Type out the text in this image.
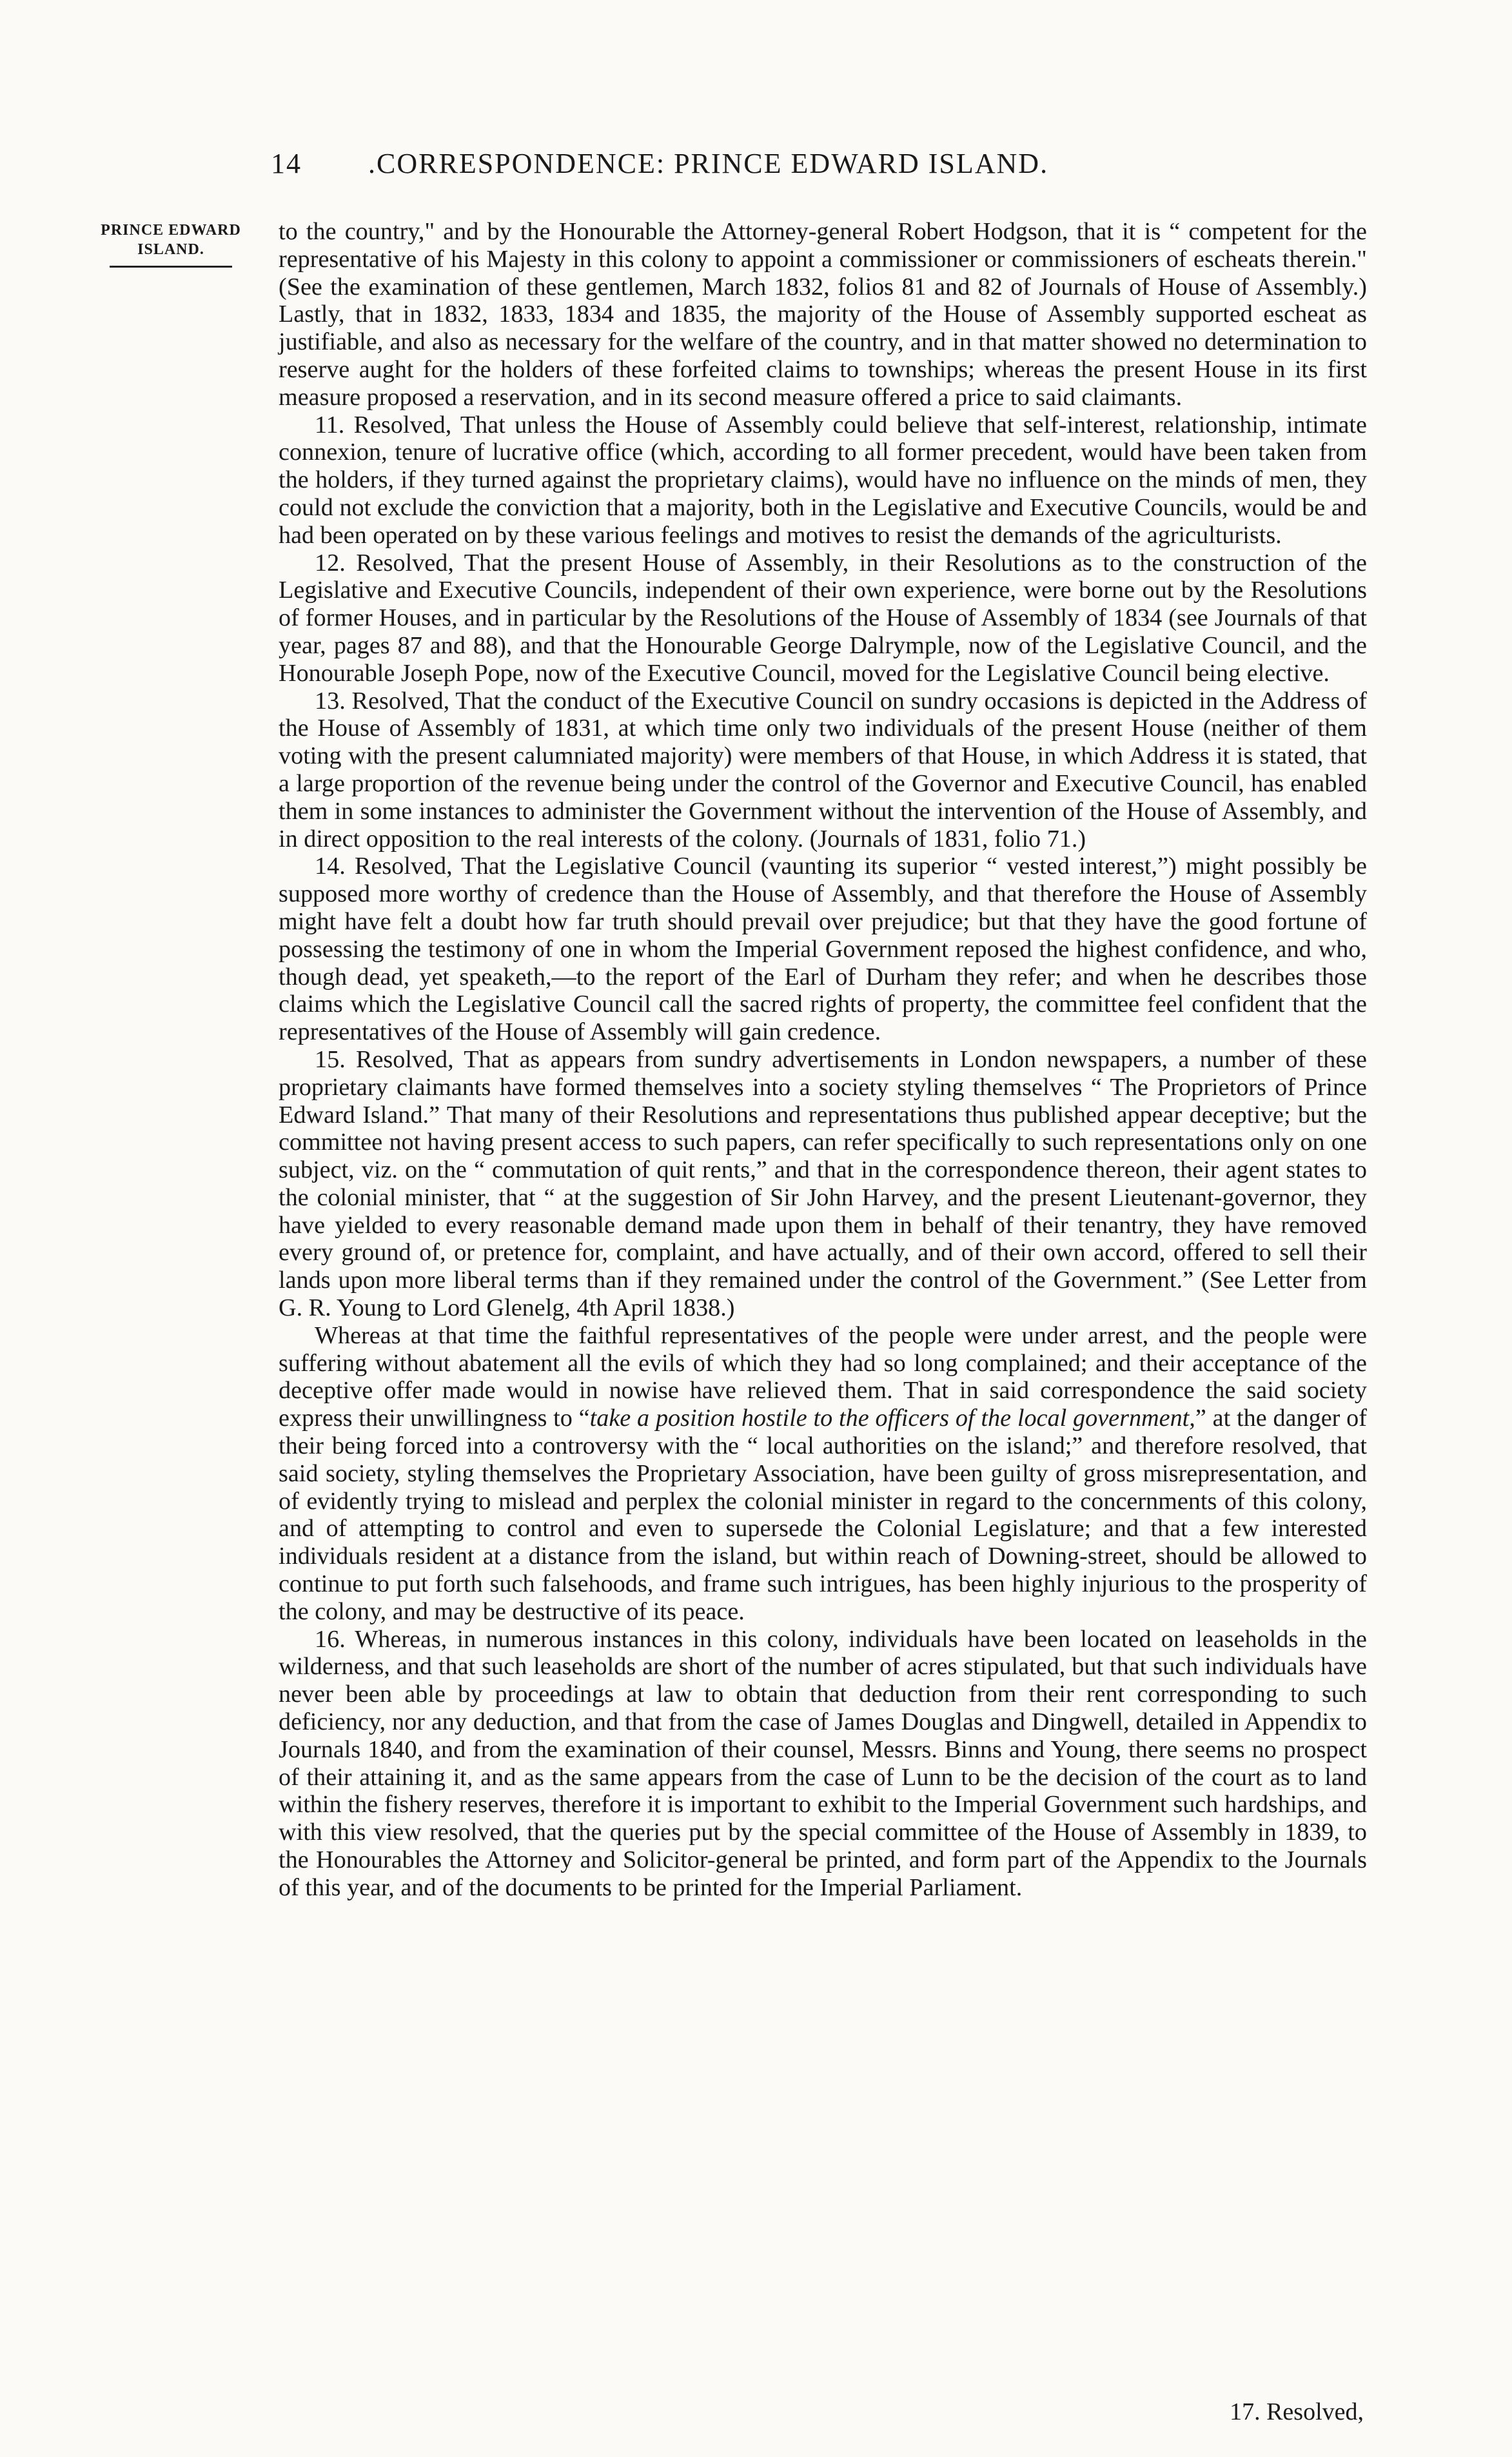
14 .CORRESPONDENCE: PRINCE EDWARD ISLAND.
PRINCE EDWARD
ISLAND.

to the country," and by the Honourable the Attorney-general Robert Hodgson, that it is “ competent for the representative of his Majesty in this colony to appoint a commissioner or commissioners of escheats therein." (See the examination of these gentlemen, March 1832, folios 81 and 82 of Journals of House of Assembly.) Lastly, that in 1832, 1833, 1834 and 1835, the majority of the House of Assembly supported escheat as justifiable, and also as necessary for the welfare of the country, and in that matter showed no determination to reserve aught for the holders of these forfeited claims to townships; whereas the present House in its first measure proposed a reservation, and in its second measure offered a price to said claimants.

11. Resolved, That unless the House of Assembly could believe that self-interest, relationship, intimate connexion, tenure of lucrative office (which, according to all former precedent, would have been taken from the holders, if they turned against the proprietary claims), would have no influence on the minds of men, they could not exclude the conviction that a majority, both in the Legislative and Executive Councils, would be and had been operated on by these various feelings and motives to resist the demands of the agriculturists.

12. Resolved, That the present House of Assembly, in their Resolutions as to the construction of the Legislative and Executive Councils, independent of their own experience, were borne out by the Resolutions of former Houses, and in particular by the Resolutions of the House of Assembly of 1834 (see Journals of that year, pages 87 and 88), and that the Honourable George Dalrymple, now of the Legislative Council, and the Honourable Joseph Pope, now of the Executive Council, moved for the Legislative Council being elective.

13. Resolved, That the conduct of the Executive Council on sundry occasions is depicted in the Address of the House of Assembly of 1831, at which time only two individuals of the present House (neither of them voting with the present calumniated majority) were members of that House, in which Address it is stated, that a large proportion of the revenue being under the control of the Governor and Executive Council, has enabled them in some instances to administer the Government without the intervention of the House of Assembly, and in direct opposition to the real interests of the colony. (Journals of 1831, folio 71.)

14. Resolved, That the Legislative Council (vaunting its superior “ vested interest,”) might possibly be supposed more worthy of credence than the House of Assembly, and that therefore the House of Assembly might have felt a doubt how far truth should prevail over prejudice; but that they have the good fortune of possessing the testimony of one in whom the Imperial Government reposed the highest confidence, and who, though dead, yet speaketh,—to the report of the Earl of Durham they refer; and when he describes those claims which the Legislative Council call the sacred rights of property, the committee feel confident that the representatives of the House of Assembly will gain credence.

15. Resolved, That as appears from sundry advertisements in London newspapers, a number of these proprietary claimants have formed themselves into a society styling themselves “ The Proprietors of Prince Edward Island.” That many of their Resolutions and representations thus published appear deceptive; but the committee not having present access to such papers, can refer specifically to such representations only on one subject, viz. on the “ commutation of quit rents,” and that in the correspondence thereon, their agent states to the colonial minister, that “ at the suggestion of Sir John Harvey, and the present Lieutenant-governor, they have yielded to every reasonable demand made upon them in behalf of their tenantry, they have removed every ground of, or pretence for, complaint, and have actually, and of their own accord, offered to sell their lands upon more liberal terms than if they remained under the control of the Government.” (See Letter from G. R. Young to Lord Glenelg, 4th April 1838.)

Whereas at that time the faithful representatives of the people were under arrest, and the people were suffering without abatement all the evils of which they had so long complained; and their acceptance of the deceptive offer made would in nowise have relieved them. That in said correspondence the said society express their unwillingness to “take a position hostile to the officers of the local government,” at the danger of their being forced into a controversy with the “ local authorities on the island;” and therefore resolved, that said society, styling themselves the Proprietary Association, have been guilty of gross misrepresentation, and of evidently trying to mislead and perplex the colonial minister in regard to the concernments of this colony, and of attempting to control and even to supersede the Colonial Legislature; and that a few interested individuals resident at a distance from the island, but within reach of Downing-street, should be allowed to continue to put forth such falsehoods, and frame such intrigues, has been highly injurious to the prosperity of the colony, and may be destructive of its peace.

16. Whereas, in numerous instances in this colony, individuals have been located on leaseholds in the wilderness, and that such leaseholds are short of the number of acres stipulated, but that such individuals have never been able by proceedings at law to obtain that deduction from their rent corresponding to such deficiency, nor any deduction, and that from the case of James Douglas and Dingwell, detailed in Appendix to Journals 1840, and from the examination of their counsel, Messrs. Binns and Young, there seems no prospect of their attaining it, and as the same appears from the case of Lunn to be the decision of the court as to land within the fishery reserves, therefore it is important to exhibit to the Imperial Government such hardships, and with this view resolved, that the queries put by the special committee of the House of Assembly in 1839, to the Honourables the Attorney and Solicitor-general be printed, and form part of the Appendix to the Journals of this year, and of the documents to be printed for the Imperial Parliament.

17. Resolved,
